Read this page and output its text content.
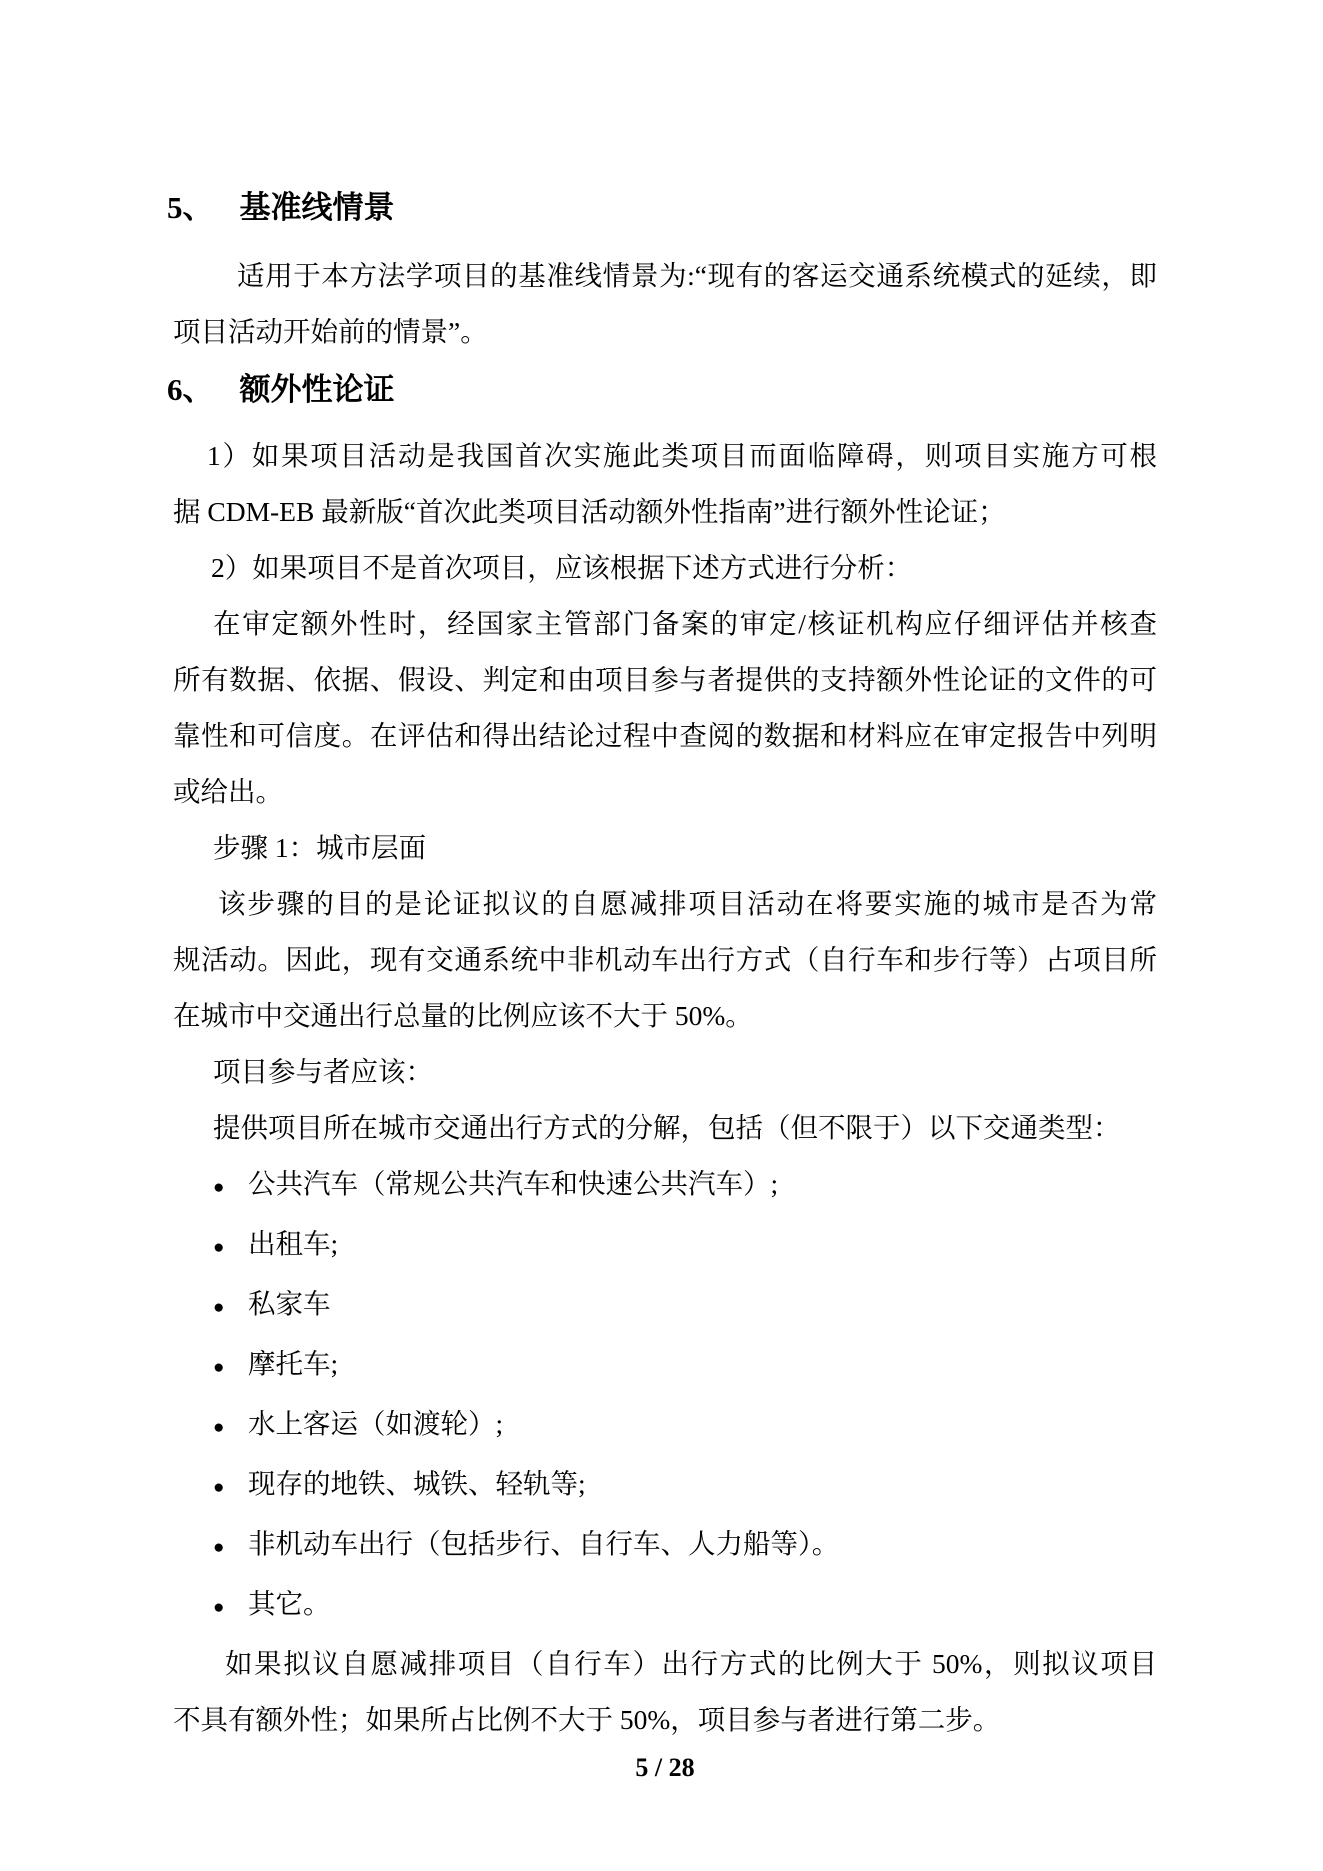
5、 基准线情景
适用于本方法学项目的基准线情景为:“现有的客运交通系统模式的延续，即
项目活动开始前的情景”。
6、 额外性论证
1）如果项目活动是我国首次实施此类项目而面临障碍，则项目实施方可根
据 CDM-EB 最新版“首次此类项目活动额外性指南”进行额外性论证；
2）如果项目不是首次项目，应该根据下述方式进行分析：
在审定额外性时，经国家主管部门备案的审定/核证机构应仔细评估并核查
所有数据、依据、假设、判定和由项目参与者提供的支持额外性论证的文件的可
靠性和可信度。在评估和得出结论过程中查阅的数据和材料应在审定报告中列明
或给出。
步骤 1：城市层面
该步骤的目的是论证拟议的自愿减排项目活动在将要实施的城市是否为常
规活动。因此，现有交通系统中非机动车出行方式（自行车和步行等）占项目所
在城市中交通出行总量的比例应该不大于 50%。
项目参与者应该：
提供项目所在城市交通出行方式的分解，包括（但不限于）以下交通类型：
● 公共汽车（常规公共汽车和快速公共汽车）;
● 出租车;
● 私家车
● 摩托车;
● 水上客运（如渡轮）;
● 现存的地铁、城铁、轻轨等;
● 非机动车出行（包括步行、自行车、人力船等）。
● 其它。
如果拟议自愿减排项目（自行车）出行方式的比例大于 50%，则拟议项目
不具有额外性；如果所占比例不大于 50%，项目参与者进行第二步。
5 / 28
